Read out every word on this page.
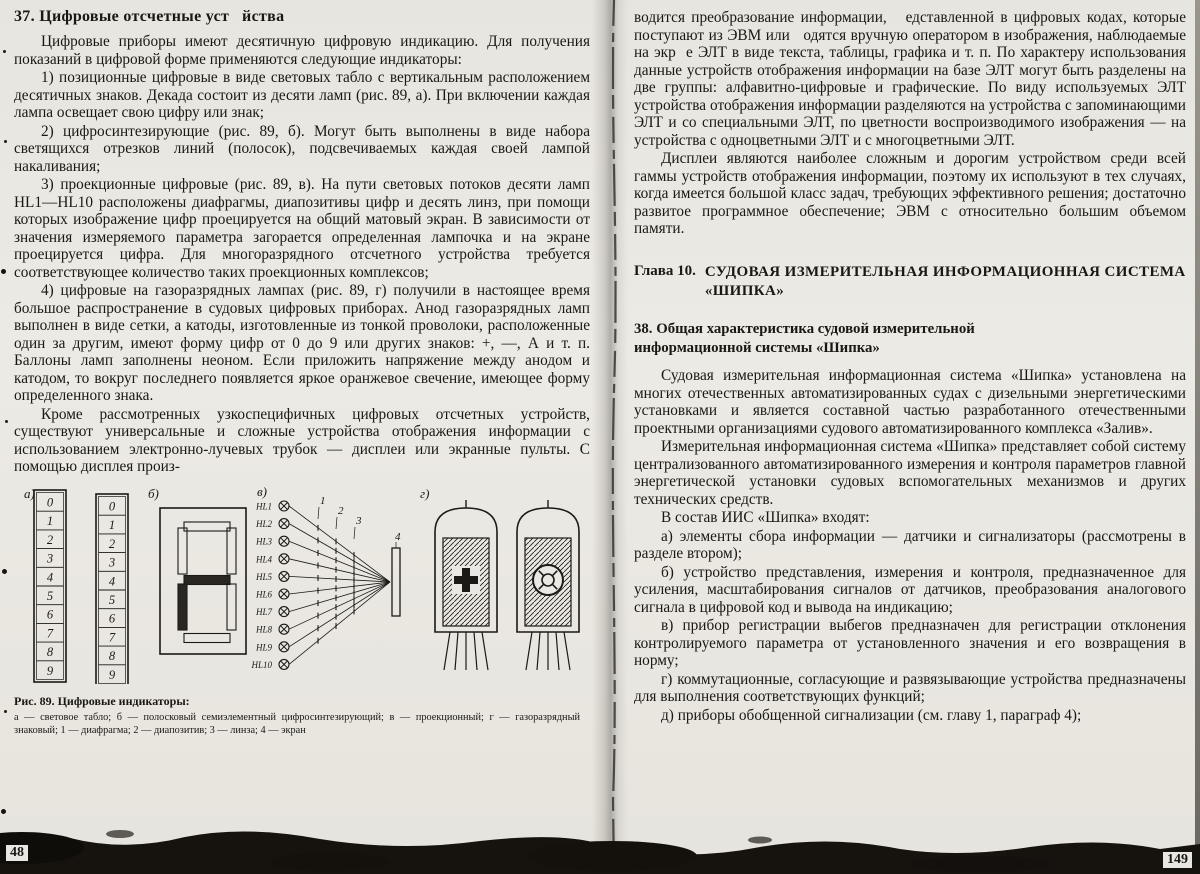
37. Цифровые отсчетные уст   йства

Цифровые приборы имеют десятичную цифровую индикацию. Для получения показаний в цифровой форме применяются следующие индикаторы:

1) позиционные цифровые в виде световых табло с вертикальным расположением десятичных знаков. Декада состоит из десяти ламп (рис. 89, а). При включении каждая лампа освещает свою цифру или знак;

2) цифросинтезирующие (рис. 89, б). Могут быть выполнены в виде набора светящихся отрезков линий (полосок), подсвечиваемых каждая своей лампой накаливания;

3) проекционные цифровые (рис. 89, в). На пути световых потоков десяти ламп HL1—HL10 расположены диафрагмы, диапозитивы цифр и десять линз, при помощи которых изображение цифр проецируется на общий матовый экран. В зависимости от значения измеряемого параметра загорается определенная лампочка и на экране проецируется цифра. Для многоразрядного отсчетного устройства требуется соответствующее количество таких проекционных комплексов;

4) цифровые на газоразрядных лампах (рис. 89, г) получили в настоящее время большое распространение в судовых цифровых приборах. Анод газоразрядных ламп выполнен в виде сетки, а катоды, изготовленные из тонкой проволоки, расположенные один за другим, имеют форму цифр от 0 до 9 или других знаков: +, —, А и т. п. Баллоны ламп заполнены неоном. Если приложить напряжение между анодом и катодом, то вокруг последнего появляется яркое оранжевое свечение, имеющее форму определенного знака.

Кроме рассмотренных узкоспецифичных цифровых отсчетных устройств, существуют универсальные и сложные устройства отображения информации с использованием электронно-лучевых трубок — дисплеи или экранные пульты. С помощью дисплея произ-

а)	б)	в)	г)
0
1
2
3
4
5
6
7
8
9
0
1
2
3
4
5
6
7
8
9
HL1
HL2
HL3
HL4
HL5
HL6
HL7
HL8
HL9
HL10
1
2
3
4
Рис. 89. Цифровые индикаторы:
а — световое табло; б — полосковый семиэлементный цифросинтезирующий; в — проекционный; г — газоразрядный знаковый; 1 — диафрагма; 2 — диапозитив; 3 — линза; 4 — экран
48

водится преобразование информации,   едставленной в цифровых кодах, которые поступают из ЭВМ или   одятся вручную оператором в изображения, наблюдаемые на экр  е ЭЛТ в виде текста, таблицы, графика и т. п. По характеру использования данные устройств отображения информации на базе ЭЛТ могут быть разделены на две группы: алфавитно-цифровые и графические. По виду используемых ЭЛТ устройства отображения информации разделяются на устройства с запоминающими ЭЛТ и со специальными ЭЛТ, по цветности воспроизводимого изображения — на устройства с одноцветными ЭЛТ и с многоцветными ЭЛТ.

Дисплеи являются наиболее сложным и дорогим устройством среди всей гаммы устройств отображения информации, поэтому их используют в тех случаях, когда имеется большой класс задач, требующих эффективного решения; достаточно развитое программное обеспечение; ЭВМ с относительно большим объемом памяти.

Глава 10. СУДОВАЯ ИЗМЕРИТЕЛЬНАЯ ИНФОРМАЦИОННАЯ СИСТЕМА «ШИПКА»
38. Общая характеристика судовой измерительной информационной системы «Шипка»

Судовая измерительная информационная система «Шипка» установлена на многих отечественных автоматизированных судах с дизельными энергетическими установками и является составной частью разработанного отечественными проектными организациями судового автоматизированного комплекса «Залив».

Измерительная информационная система «Шипка» представляет собой систему централизованного автоматизированного измерения и контроля параметров главной энергетической установки судовых вспомогательных механизмов и других технических средств.

В состав ИИС «Шипка» входят:

а) элементы сбора информации — датчики и сигнализаторы (рассмотрены в разделе втором);

б) устройство представления, измерения и контроля, предназначенное для усиления, масштабирования сигналов от датчиков, преобразования аналогового сигнала в цифровой код и вывода на индикацию;

в) прибор регистрации выбегов предназначен для регистрации отклонения контролируемого параметра от установленного значения и его возвращения в норму;

г) коммутационные, согласующие и развязывающие устройства предназначены для выполнения соответствующих функций;

д) приборы обобщенной сигнализации (см. главу 1, параграф 4);

149
